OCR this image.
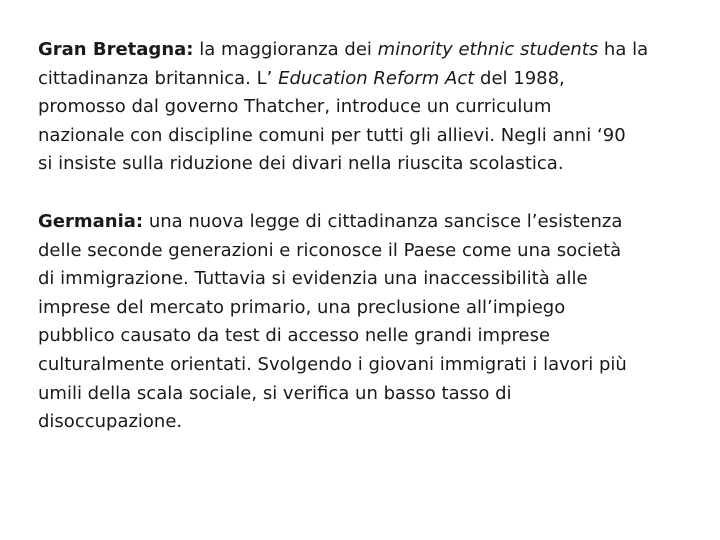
Gran Bretagna: la maggioranza dei minority ethnic students ha la
cittadinanza britannica. L’ Education Reform Act del 1988,
promosso dal governo Thatcher, introduce un curriculum
nazionale con discipline comuni per tutti gli allievi. Negli anni ‘90
si insiste sulla riduzione dei divari nella riuscita scolastica.

Germania: una nuova legge di cittadinanza sancisce l’esistenza
delle seconde generazioni e riconosce il Paese come una società
di immigrazione. Tuttavia si evidenzia una inaccessibilità alle
imprese del mercato primario, una preclusione all’impiego
pubblico causato da test di accesso nelle grandi imprese
culturalmente orientati. Svolgendo i giovani immigrati i lavori più
umili della scala sociale, si verifica un basso tasso di
disoccupazione.
